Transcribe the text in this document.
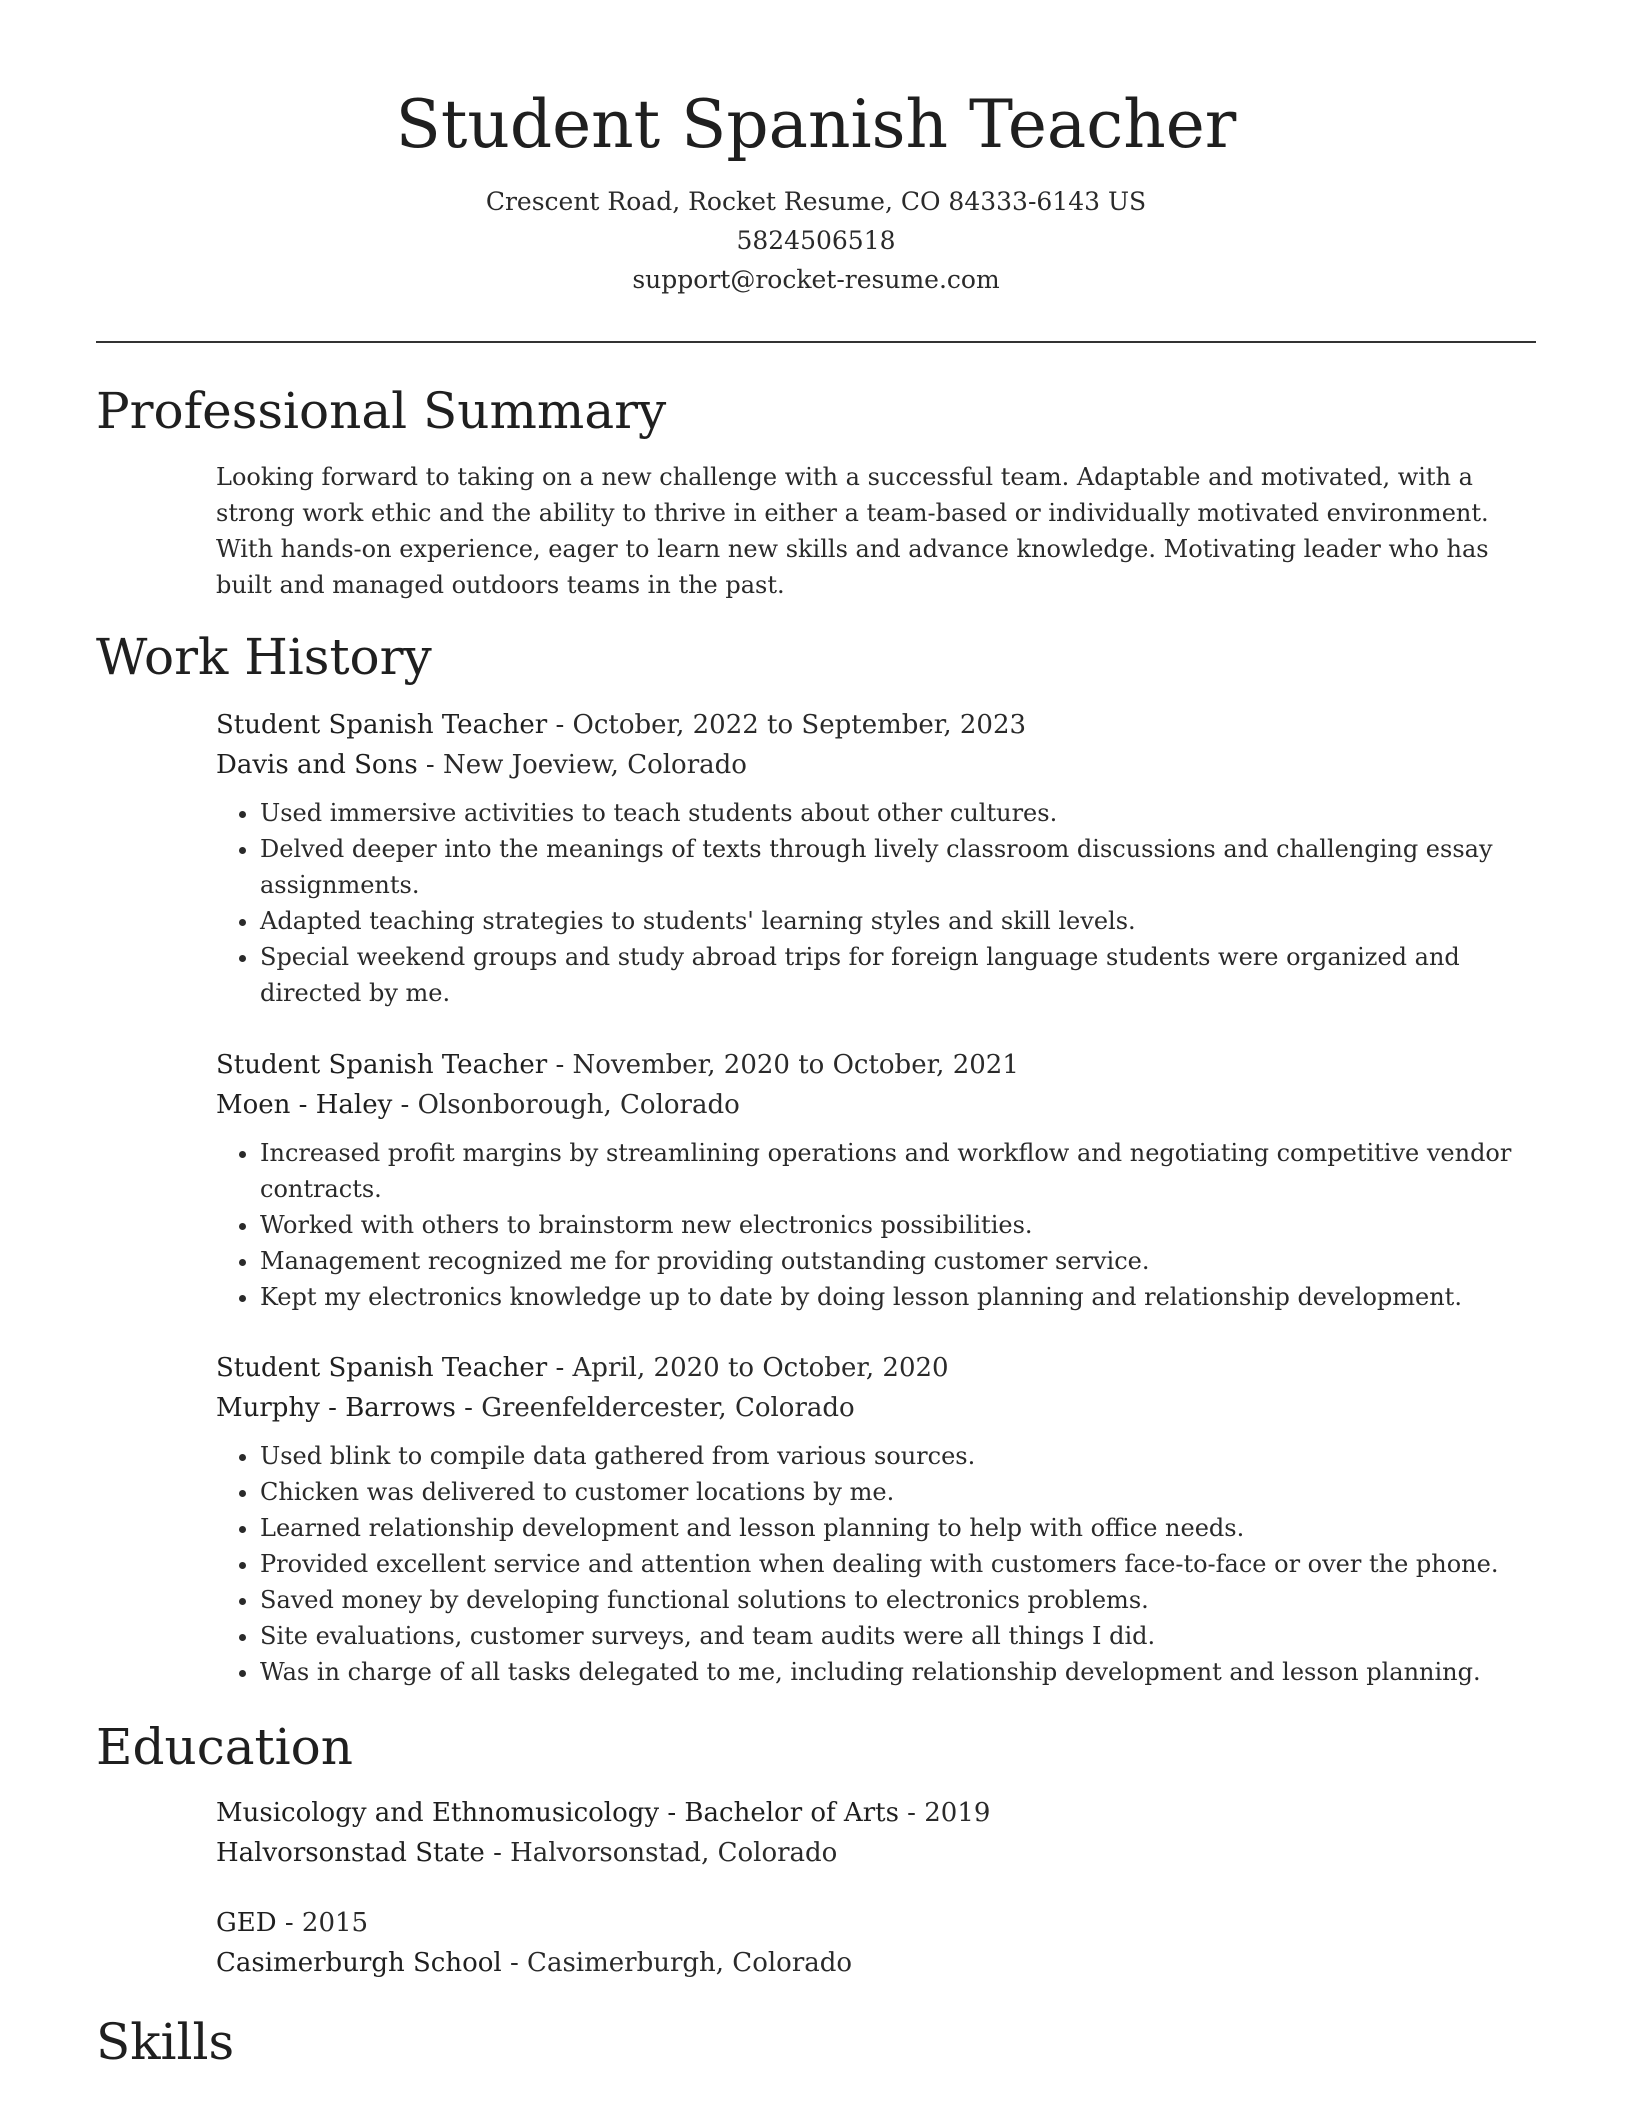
Student Spanish Teacher
Crescent Road, Rocket Resume, CO 84333-6143 US
5824506518
support@rocket-resume.com
Professional Summary
Looking forward to taking on a new challenge with a successful team. Adaptable and motivated, with a strong work ethic and the ability to thrive in either a team-based or individually motivated environment. With hands-on experience, eager to learn new skills and advance knowledge. Motivating leader who has built and managed outdoors teams in the past.
Work History
Student Spanish Teacher - October, 2022 to September, 2023
Davis and Sons - New Joeview, Colorado
• Used immersive activities to teach students about other cultures.
• Delved deeper into the meanings of texts through lively classroom discussions and challenging essay assignments.
• Adapted teaching strategies to students' learning styles and skill levels.
• Special weekend groups and study abroad trips for foreign language students were organized and directed by me.
Student Spanish Teacher - November, 2020 to October, 2021
Moen - Haley - Olsonborough, Colorado
• Increased profit margins by streamlining operations and workflow and negotiating competitive vendor contracts.
• Worked with others to brainstorm new electronics possibilities.
• Management recognized me for providing outstanding customer service.
• Kept my electronics knowledge up to date by doing lesson planning and relationship development.
Student Spanish Teacher - April, 2020 to October, 2020
Murphy - Barrows - Greenfeldercester, Colorado
• Used blink to compile data gathered from various sources.
• Chicken was delivered to customer locations by me.
• Learned relationship development and lesson planning to help with office needs.
• Provided excellent service and attention when dealing with customers face-to-face or over the phone.
• Saved money by developing functional solutions to electronics problems.
• Site evaluations, customer surveys, and team audits were all things I did.
• Was in charge of all tasks delegated to me, including relationship development and lesson planning.
Education
Musicology and Ethnomusicology - Bachelor of Arts - 2019
Halvorsonstad State - Halvorsonstad, Colorado
GED - 2015
Casimerburgh School - Casimerburgh, Colorado
Skills
